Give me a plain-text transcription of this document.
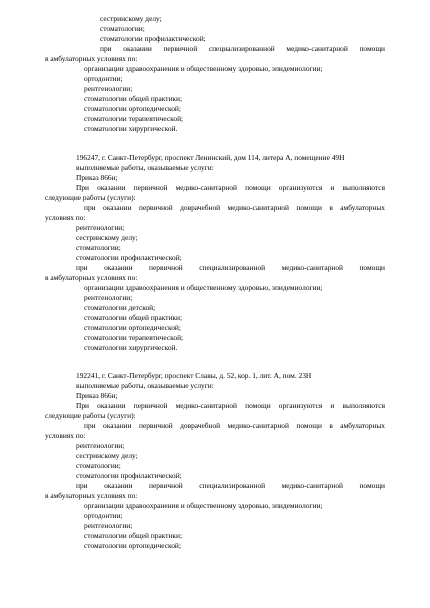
сестринскому делу;
стоматологии;
стоматологии профилактической;
при оказании первичной специализированной медико-санитарной помощи
в амбулаторных условиях по:
организации здравоохранения и общественному здоровью, эпидемиологии;
ортодонтии;
рентгенологии;
стоматологии общей практики;
стоматологии ортопедической;
стоматологии терапевтической;
стоматологии хирургической.
196247, г. Санкт-Петербург, проспект Ленинский, дом 114, литера А, помещение 49Н
выполняемые работы, оказываемые услуги:
Приказ 866н;
При оказании первичной медико-санитарной помощи организуются и выполняются
следующие работы (услуги):
при оказании первичной доврачебной медико-санитарной помощи в амбулаторных
условиях по:
рентгенологии;
сестринскому делу;
стоматологии;
стоматологии профилактической;
при оказании первичной специализированной медико-санитарной помощи
в амбулаторных условиях по:
организации здравоохранения и общественному здоровью, эпидемиологии;
рентгенологии;
стоматологии детской;
стоматологии общей практики;
стоматологии ортопедической;
стоматологии терапевтической;
стоматологии хирургической.
192241, г. Санкт-Петербург, проспект Славы, д. 52, кор. 1, лит. А, пом. 23Н
выполняемые работы, оказываемые услуги:
Приказ 866н;
При оказании первичной медико-санитарной помощи организуются и выполняются
следующие работы (услуги):
при оказании первичной доврачебной медико-санитарной помощи в амбулаторных
условиях по:
рентгенологии;
сестринскому делу;
стоматологии;
стоматологии профилактической;
при оказании первичной специализированной медико-санитарной помощи
в амбулаторных условиях по:
организации здравоохранения и общественному здоровью, эпидемиологии;
ортодонтии;
рентгенологии;
стоматологии общей практики;
стоматологии ортопедической;
